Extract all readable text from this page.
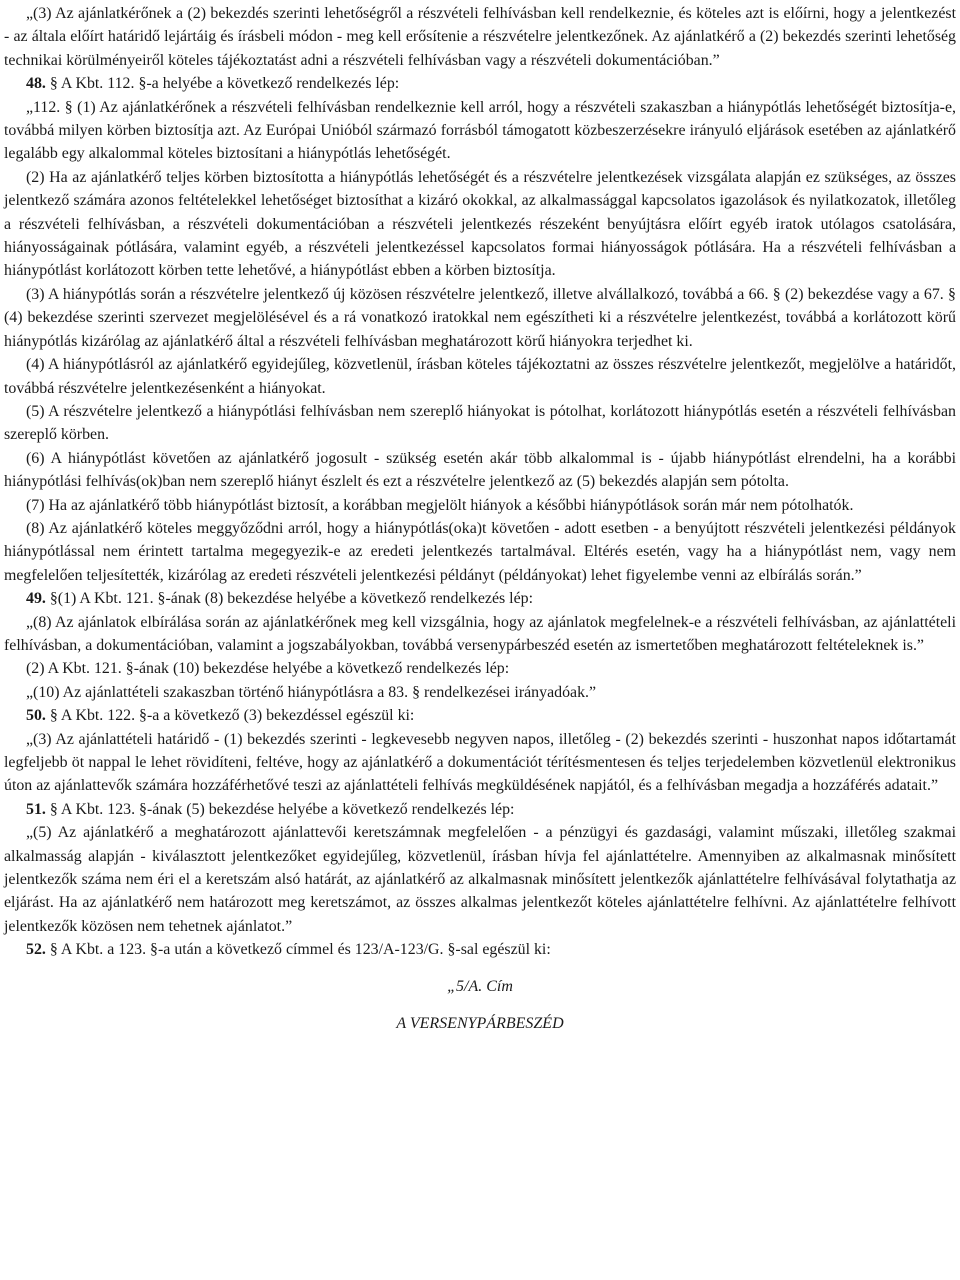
„(3) Az ajánlatkérőnek a (2) bekezdés szerinti lehetőségről a részvételi felhívásban kell rendelkeznie, és köteles azt is előírni, hogy a jelentkezést - az általa előírt határidő lejártáig és írásbeli módon - meg kell erősítenie a részvételre jelentkezőnek. Az ajánlatkérő a (2) bekezdés szerinti lehetőség technikai körülményeiről köteles tájékoztatást adni a részvételi felhívásban vagy a részvételi dokumentációban.”

48. § A Kbt. 112. §-a helyébe a következő rendelkezés lép:

„112. § (1) Az ajánlatkérőnek a részvételi felhívásban rendelkeznie kell arról, hogy a részvételi szakaszban a hiánypótlás lehetőségét biztosítja-e, továbbá milyen körben biztosítja azt. Az Európai Unióból származó forrásból támogatott közbeszerzésekre irányuló eljárások esetében az ajánlatkérő legalább egy alkalommal köteles biztosítani a hiánypótlás lehetőségét.

(2) Ha az ajánlatkérő teljes körben biztosította a hiánypótlás lehetőségét és a részvételre jelentkezések vizsgálata alapján ez szükséges, az összes jelentkező számára azonos feltételekkel lehetőséget biztosíthat a kizáró okokkal, az alkalmassággal kapcsolatos igazolások és nyilatkozatok, illetőleg a részvételi felhívásban, a részvételi dokumentációban a részvételi jelentkezés részeként benyújtásra előírt egyéb iratok utólagos csatolására, hiányosságainak pótlására, valamint egyéb, a részvételi jelentkezéssel kapcsolatos formai hiányosságok pótlására. Ha a részvételi felhívásban a hiánypótlást korlátozott körben tette lehetővé, a hiánypótlást ebben a körben biztosítja.

(3) A hiánypótlás során a részvételre jelentkező új közösen részvételre jelentkező, illetve alvállalkozó, továbbá a 66. § (2) bekezdése vagy a 67. § (4) bekezdése szerinti szervezet megjelölésével és a rá vonatkozó iratokkal nem egészítheti ki a részvételre jelentkezést, továbbá a korlátozott körű hiánypótlás kizárólag az ajánlatkérő által a részvételi felhívásban meghatározott körű hiányokra terjedhet ki.

(4) A hiánypótlásról az ajánlatkérő egyidejűleg, közvetlenül, írásban köteles tájékoztatni az összes részvételre jelentkezőt, megjelölve a határidőt, továbbá részvételre jelentkezésenként a hiányokat.

(5) A részvételre jelentkező a hiánypótlási felhívásban nem szereplő hiányokat is pótolhat, korlátozott hiánypótlás esetén a részvételi felhívásban szereplő körben.

(6) A hiánypótlást követően az ajánlatkérő jogosult - szükség esetén akár több alkalommal is - újabb hiánypótlást elrendelni, ha a korábbi hiánypótlási felhívás(ok)ban nem szereplő hiányt észlelt és ezt a részvételre jelentkező az (5) bekezdés alapján sem pótolta.

(7) Ha az ajánlatkérő több hiánypótlást biztosít, a korábban megjelölt hiányok a későbbi hiánypótlások során már nem pótolhatók.

(8) Az ajánlatkérő köteles meggyőződni arról, hogy a hiánypótlás(oka)t követően - adott esetben - a benyújtott részvételi jelentkezési példányok hiánypótlással nem érintett tartalma megegyezik-e az eredeti jelentkezés tartalmával. Eltérés esetén, vagy ha a hiánypótlást nem, vagy nem megfelelően teljesítették, kizárólag az eredeti részvételi jelentkezési példányt (példányokat) lehet figyelembe venni az elbírálás során.”

49. §(1) A Kbt. 121. §-ának (8) bekezdése helyébe a következő rendelkezés lép:

„(8) Az ajánlatok elbírálása során az ajánlatkérőnek meg kell vizsgálnia, hogy az ajánlatok megfelelnek-e a részvételi felhívásban, az ajánlattételi felhívásban, a dokumentációban, valamint a jogszabályokban, továbbá versenypárbeszéd esetén az ismertetőben meghatározott feltételeknek is.”

(2) A Kbt. 121. §-ának (10) bekezdése helyébe a következő rendelkezés lép:

„(10) Az ajánlattételi szakaszban történő hiánypótlásra a 83. § rendelkezései irányadóak.”

50. § A Kbt. 122. §-a a következő (3) bekezdéssel egészül ki:

„(3) Az ajánlattételi határidő - (1) bekezdés szerinti - legkevesebb negyven napos, illetőleg - (2) bekezdés szerinti - huszonhat napos időtartamát legfeljebb öt nappal le lehet rövidíteni, feltéve, hogy az ajánlatkérő a dokumentációt térítésmentesen és teljes terjedelemben közvetlenül elektronikus úton az ajánlattevők számára hozzáférhetővé teszi az ajánlattételi felhívás megküldésének napjától, és a felhívásban megadja a hozzáférés adatait.”

51. § A Kbt. 123. §-ának (5) bekezdése helyébe a következő rendelkezés lép:

„(5) Az ajánlatkérő a meghatározott ajánlattevői keretszámnak megfelelően - a pénzügyi és gazdasági, valamint műszaki, illetőleg szakmai alkalmasság alapján - kiválasztott jelentkezőket egyidejűleg, közvetlenül, írásban hívja fel ajánlattételre. Amennyiben az alkalmasnak minősített jelentkezők száma nem éri el a keretszám alsó határát, az ajánlatkérő az alkalmasnak minősített jelentkezők ajánlattételre felhívásával folytathatja az eljárást. Ha az ajánlatkérő nem határozott meg keretszámot, az összes alkalmas jelentkezőt köteles ajánlattételre felhívni. Az ajánlattételre felhívott jelentkezők közösen nem tehetnek ajánlatot.”

52. § A Kbt. a 123. §-a után a következő címmel és 123/A-123/G. §-sal egészül ki:

„5/A. Cím

A VERSENYPÁRBESZÉD
